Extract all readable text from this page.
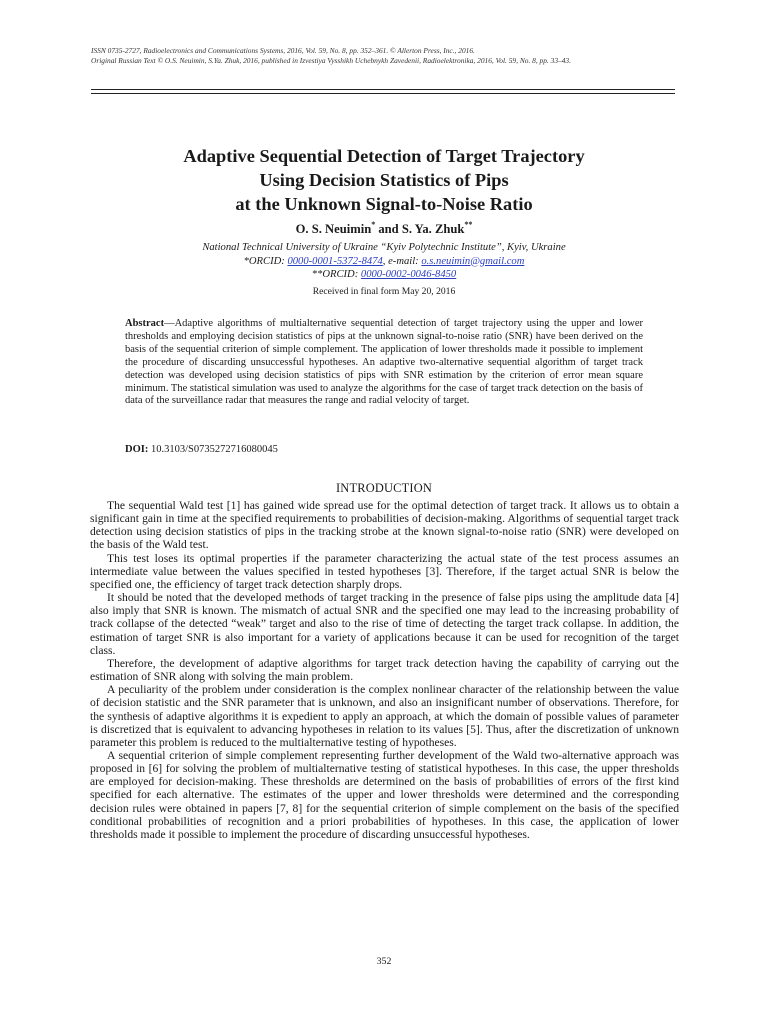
ISSN 0735-2727, Radioelectronics and Communications Systems, 2016, Vol. 59, No. 8, pp. 352–361. © Allerton Press, Inc., 2016.
Original Russian Text © O.S. Neuimin, S.Ya. Zhuk, 2016, published in Izvestiya Vysshikh Uchebnykh Zavedenii, Radioelektronika, 2016, Vol. 59, No. 8, pp. 33–43.
Adaptive Sequential Detection of Target Trajectory
Using Decision Statistics of Pips
at the Unknown Signal-to-Noise Ratio
O. S. Neuimin* and S. Ya. Zhuk**
National Technical University of Ukraine “Kyiv Polytechnic Institute”, Kyiv, Ukraine
*ORCID: 0000-0001-5372-8474, e-mail: o.s.neuimin@gmail.com
**ORCID: 0000-0002-0046-8450
Received in final form May 20, 2016
Abstract—Adaptive algorithms of multialternative sequential detection of target trajectory using the upper and lower thresholds and employing decision statistics of pips at the unknown signal-to-noise ratio (SNR) have been derived on the basis of the sequential criterion of simple complement. The application of lower thresholds made it possible to implement the procedure of discarding unsuccessful hypotheses. An adaptive two-alternative sequential algorithm of target track detection was developed using decision statistics of pips with SNR estimation by the criterion of error mean square minimum. The statistical simulation was used to analyze the algorithms for the case of target track detection on the basis of data of the surveillance radar that measures the range and radial velocity of target.
DOI: 10.3103/S0735272716080045
INTRODUCTION

The sequential Wald test [1] has gained wide spread use for the optimal detection of target track. It allows us to obtain a significant gain in time at the specified requirements to probabilities of decision-making. Algorithms of sequential target track detection using decision statistics of pips in the tracking strobe at the known signal-to-noise ratio (SNR) were developed on the basis of the Wald test.

This test loses its optimal properties if the parameter characterizing the actual state of the test process assumes an intermediate value between the values specified in tested hypotheses [3]. Therefore, if the target actual SNR is below the specified one, the efficiency of target track detection sharply drops.

It should be noted that the developed methods of target tracking in the presence of false pips using the amplitude data [4] also imply that SNR is known. The mismatch of actual SNR and the specified one may lead to the increasing probability of track collapse of the detected “weak” target and also to the rise of time of detecting the target track collapse. In addition, the estimation of target SNR is also important for a variety of applications because it can be used for recognition of the target class.

Therefore, the development of adaptive algorithms for target track detection having the capability of carrying out the estimation of SNR along with solving the main problem.

A peculiarity of the problem under consideration is the complex nonlinear character of the relationship between the value of decision statistic and the SNR parameter that is unknown, and also an insignificant number of observations. Therefore, for the synthesis of adaptive algorithms it is expedient to apply an approach, at which the domain of possible values of parameter is discretized that is equivalent to advancing hypotheses in relation to its values [5]. Thus, after the discretization of unknown parameter this problem is reduced to the multialternative testing of hypotheses.

A sequential criterion of simple complement representing further development of the Wald two-alternative approach was proposed in [6] for solving the problem of multialternative testing of statistical hypotheses. In this case, the upper thresholds are employed for decision-making. These thresholds are determined on the basis of probabilities of errors of the first kind specified for each alternative. The estimates of the upper and lower thresholds were determined and the corresponding decision rules were obtained in papers [7, 8] for the sequential criterion of simple complement on the basis of the specified conditional probabilities of recognition and a priori probabilities of hypotheses. In this case, the application of lower thresholds made it possible to implement the procedure of discarding unsuccessful hypotheses.

352
